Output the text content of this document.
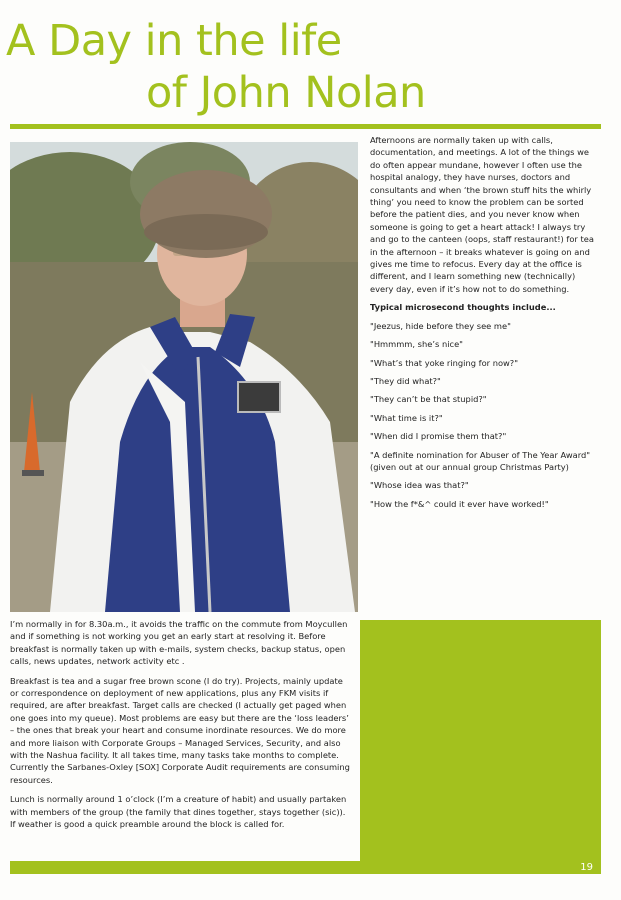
A Day in the life
of John Nolan

Afternoons are normally taken up with calls, documentation, and meetings. A lot of the things we do often appear mundane, however I often use the hospital analogy, they have nurses, doctors and consultants and when ‘the brown stuff hits the whirly thing’ you need to know the problem can be sorted before the patient dies, and you never know when someone is going to get a heart attack! I always try and go to the canteen (oops, staff restaurant!) for tea in the afternoon – it breaks whatever is going on and gives me time to refocus. Every day at the office is different, and I learn something new (technically) every day, even if it’s how not to do something.

Typical microsecond thoughts include...

"Jeezus, hide before they see me"

"Hmmmm, she’s nice"

"What’s that yoke ringing for now?"

"They did what?"

"They can’t be that stupid?"

"What time is it?"

"When did I promise them that?"

"A definite nomination for Abuser of The Year Award" (given out at our annual group Christmas Party)

"Whose idea was that?"

"How the f*&^ could it ever have worked!"

I’m normally in for 8.30a.m., it avoids the traffic on the commute from Moycullen and if something is not working you get an early start at resolving it. Before breakfast is normally taken up with e-mails, system checks, backup status, open calls, news updates, network activity etc .

Breakfast is tea and a sugar free brown scone (I do try). Projects, mainly update or correspondence on deployment of new applications, plus any FKM visits if required, are after breakfast. Target calls are checked (I actually get paged when one goes into my queue). Most problems are easy but there are the ‘loss leaders’ – the ones that break your heart and consume inordinate resources. We do more and more liaison with Corporate Groups – Managed Services, Security, and also with the Nashua facility. It all takes time, many tasks take months to complete. Currently the Sarbanes-Oxley [SOX] Corporate Audit requirements are consuming resources.

Lunch is normally around 1 o’clock (I’m a creature of habit) and usually partaken with members of the group (the family that dines together, stays together (sic)). If weather is good a quick preamble around the block is called for.

19
